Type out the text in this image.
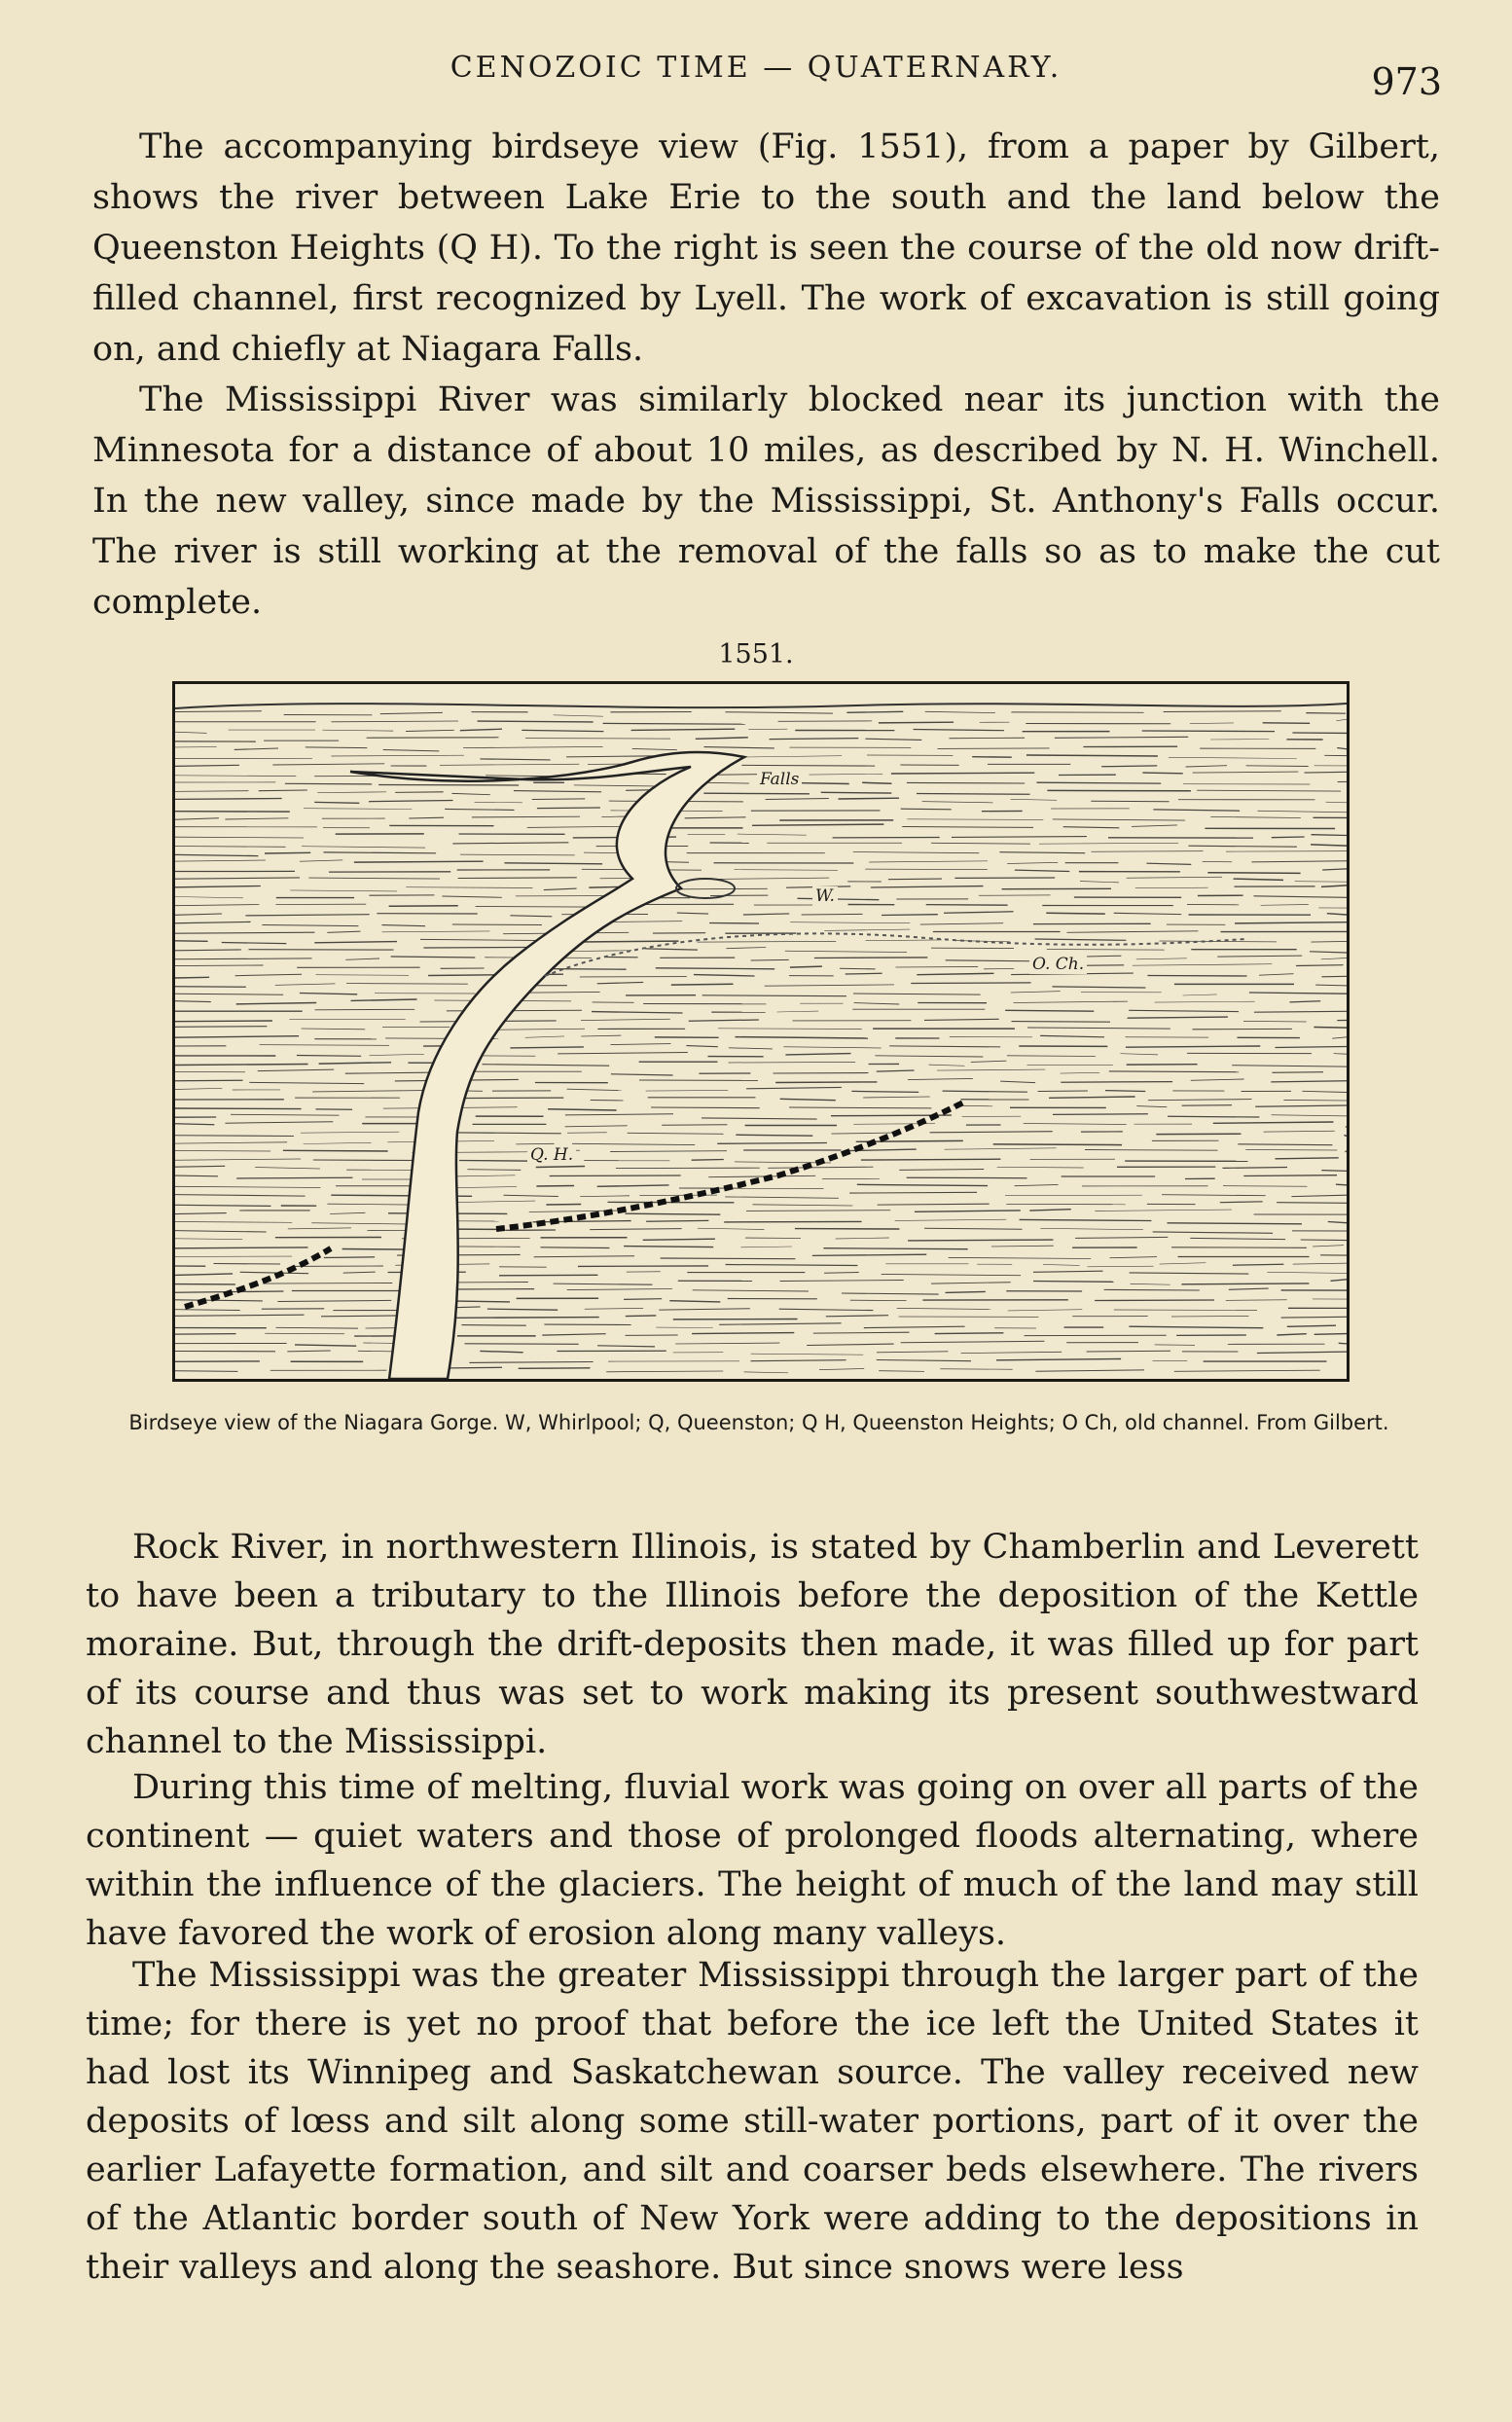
CENOZOIC TIME — QUATERNARY.	973

The accompanying birdseye view (Fig. 1551), from a paper by Gilbert, shows the river between Lake Erie to the south and the land below the Queenston Heights (Q H). To the right is seen the course of the old now drift-filled channel, first recognized by Lyell. The work of excavation is still going on, and chiefly at Niagara Falls.

The Mississippi River was similarly blocked near its junction with the Minnesota for a distance of about 10 miles, as described by N. H. Winchell. In the new valley, since made by the Mississippi, St. Anthony's Falls occur. The river is still working at the removal of the falls so as to make the cut complete.

1551.
Falls
W.
O. Ch.
Q. H.
Birdseye view of the Niagara Gorge. W, Whirlpool; Q, Queenston; Q H, Queenston Heights; O Ch, old channel. From Gilbert.

Rock River, in northwestern Illinois, is stated by Chamberlin and Leverett to have been a tributary to the Illinois before the deposition of the Kettle moraine. But, through the drift-deposits then made, it was filled up for part of its course and thus was set to work making its present southwestward channel to the Mississippi.

During this time of melting, fluvial work was going on over all parts of the continent — quiet waters and those of prolonged floods alternating, where within the influence of the glaciers. The height of much of the land may still have favored the work of erosion along many valleys.

The Mississippi was the greater Mississippi through the larger part of the time; for there is yet no proof that before the ice left the United States it had lost its Winnipeg and Saskatchewan source. The valley received new deposits of lœss and silt along some still-water portions, part of it over the earlier Lafayette formation, and silt and coarser beds elsewhere. The rivers of the Atlantic border south of New York were adding to the depositions in their valleys and along the seashore. But since snows were less
